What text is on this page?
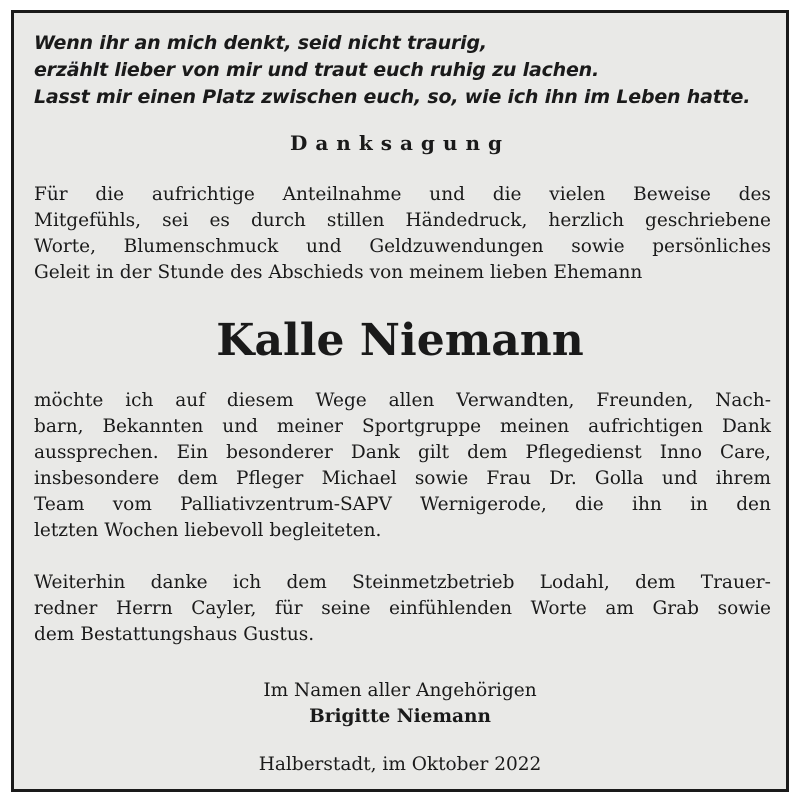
Wenn ihr an mich denkt, seid nicht traurig,
erzählt lieber von mir und traut euch ruhig zu lachen.
Lasst mir einen Platz zwischen euch, so, wie ich ihn im Leben hatte.
Danksagung
Für die aufrichtige Anteilnahme und die vielen Beweise des
Mitgefühls, sei es durch stillen Händedruck, herzlich geschriebene
Worte, Blumenschmuck und Geldzuwendungen sowie persönliches
Geleit in der Stunde des Abschieds von meinem lieben Ehemann
Kalle Niemann
möchte ich auf diesem Wege allen Verwandten, Freunden, Nach-
barn, Bekannten und meiner Sportgruppe meinen aufrichtigen Dank
aussprechen. Ein besonderer Dank gilt dem Pflegedienst Inno Care,
insbesondere dem Pfleger Michael sowie Frau Dr. Golla und ihrem
Team vom Palliativzentrum-SAPV Wernigerode, die ihn in den
letzten Wochen liebevoll begleiteten.
Weiterhin danke ich dem Steinmetzbetrieb Lodahl, dem Trauer-
redner Herrn Cayler, für seine einfühlenden Worte am Grab sowie
dem Bestattungshaus Gustus.
Im Namen aller Angehörigen
Brigitte Niemann
Halberstadt, im Oktober 2022
